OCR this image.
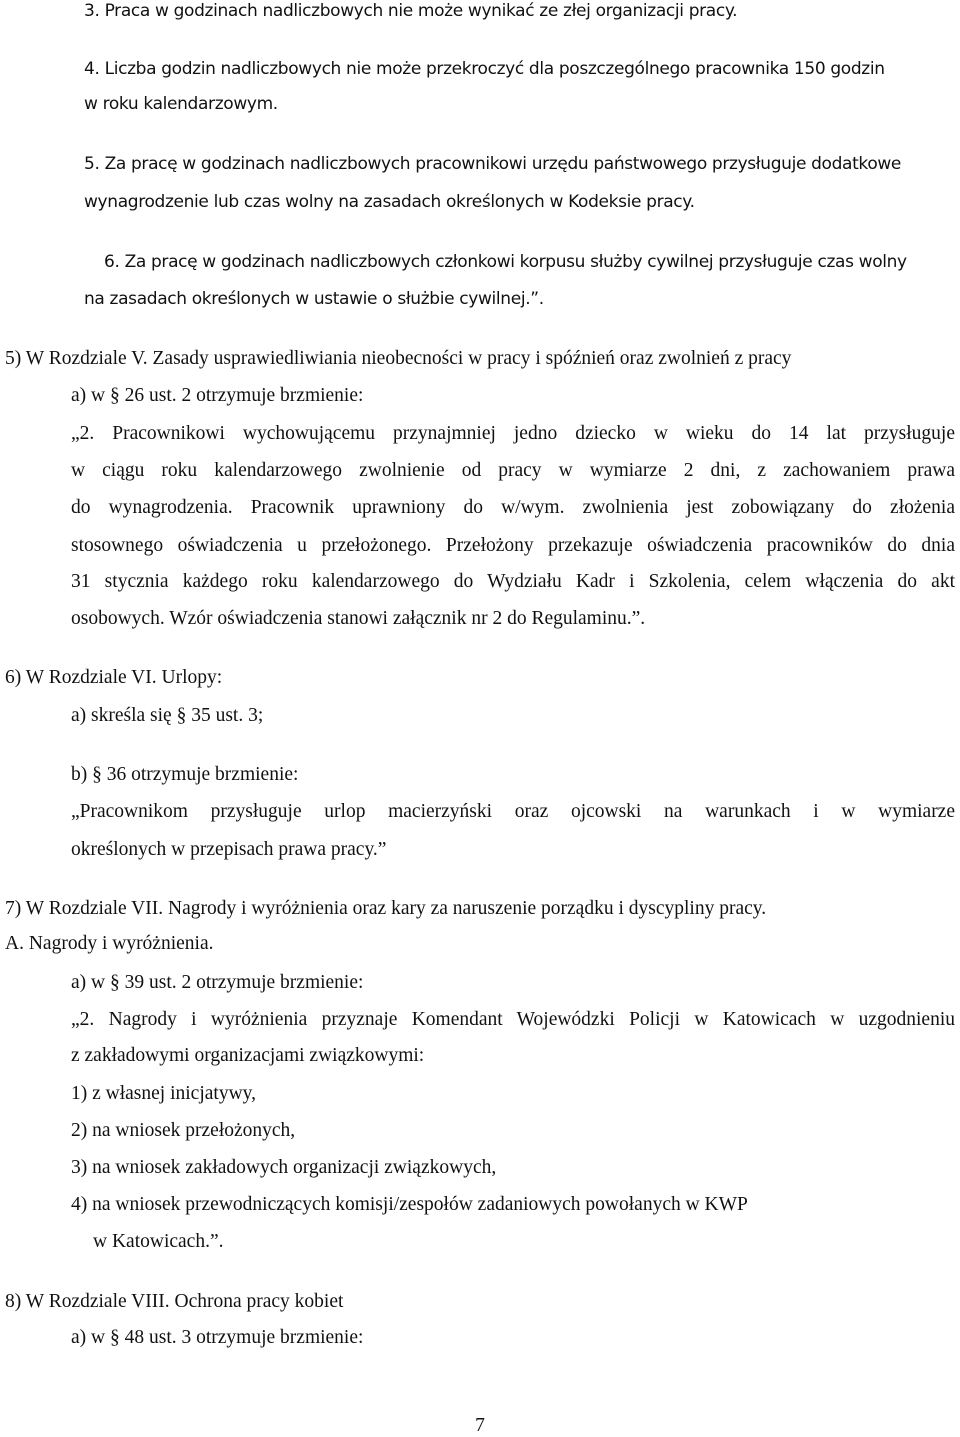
3. Praca w godzinach nadliczbowych nie może wynikać ze złej organizacji pracy.
4. Liczba godzin nadliczbowych nie może przekroczyć dla poszczególnego pracownika 150 godzin
w roku kalendarzowym.
5. Za pracę w godzinach nadliczbowych pracownikowi urzędu państwowego przysługuje dodatkowe
wynagrodzenie lub czas wolny na zasadach określonych w Kodeksie pracy.
6. Za pracę w godzinach nadliczbowych członkowi korpusu służby cywilnej przysługuje czas wolny
na zasadach określonych w ustawie o służbie cywilnej.”.
5) W Rozdziale V. Zasady usprawiedliwiania nieobecności w pracy i spóźnień oraz zwolnień z pracy
a) w § 26 ust. 2 otrzymuje brzmienie:
„2. Pracownikowi wychowującemu przynajmniej jedno dziecko w wieku do 14 lat przysługuje
w ciągu roku kalendarzowego zwolnienie od pracy w wymiarze 2 dni, z zachowaniem prawa
do wynagrodzenia. Pracownik uprawniony do w/wym. zwolnienia jest zobowiązany do złożenia
stosownego oświadczenia u przełożonego. Przełożony przekazuje oświadczenia pracowników do dnia
31 stycznia każdego roku kalendarzowego do Wydziału Kadr i Szkolenia, celem włączenia do akt
osobowych. Wzór oświadczenia stanowi załącznik nr 2 do Regulaminu.”.
6) W Rozdziale VI. Urlopy:
a) skreśla się § 35 ust. 3;
b) § 36 otrzymuje brzmienie:
„Pracownikom przysługuje urlop macierzyński oraz ojcowski na warunkach i w wymiarze
określonych w przepisach prawa pracy.”
7) W Rozdziale VII. Nagrody i wyróżnienia oraz kary za naruszenie porządku i dyscypliny pracy.
A. Nagrody i wyróżnienia.
a) w § 39 ust. 2 otrzymuje brzmienie:
„2. Nagrody i wyróżnienia przyznaje Komendant Wojewódzki Policji w Katowicach w uzgodnieniu
z zakładowymi organizacjami związkowymi:
1) z własnej inicjatywy,
2) na wniosek przełożonych,
3) na wniosek zakładowych organizacji związkowych,
4) na wniosek przewodniczących komisji/zespołów zadaniowych powołanych w KWP
w Katowicach.”.
8) W Rozdziale VIII. Ochrona pracy kobiet
a) w § 48 ust. 3 otrzymuje brzmienie:
7
